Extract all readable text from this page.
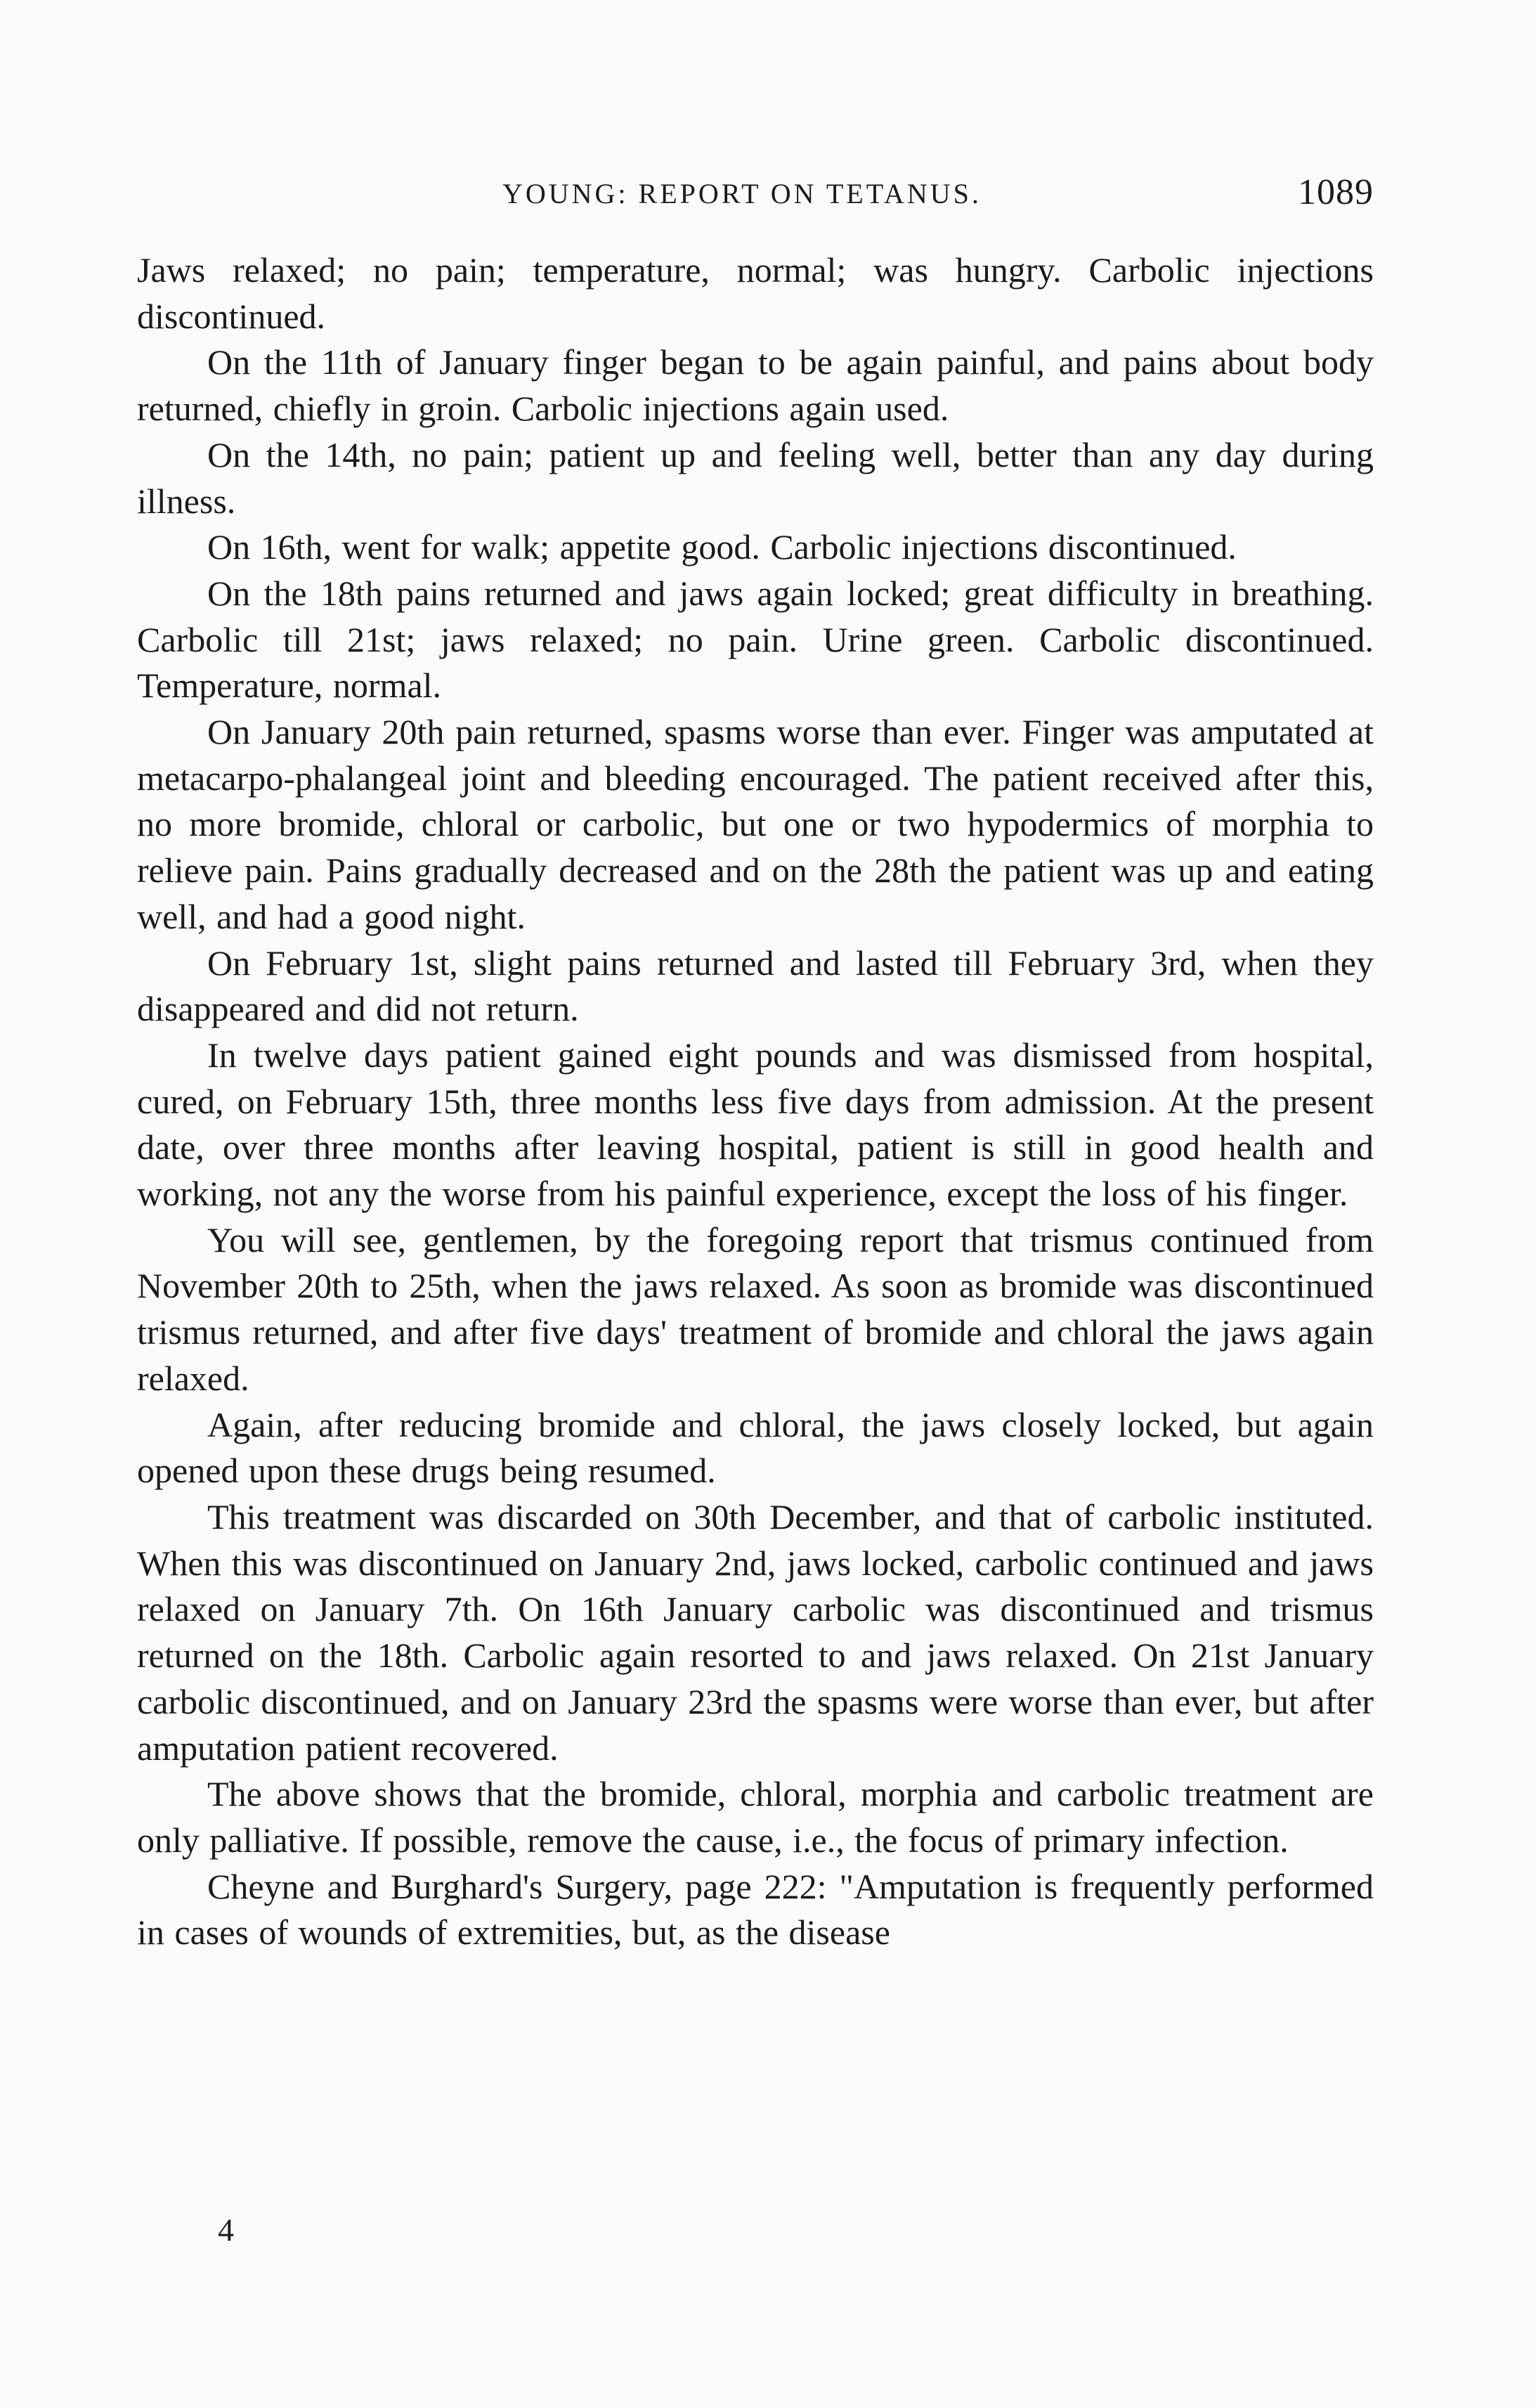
YOUNG: REPORT ON TETANUS.	1089

Jaws relaxed; no pain; temperature, normal; was hungry. Carbolic injections discontinued.

On the 11th of January finger began to be again painful, and pains about body returned, chiefly in groin. Carbolic injections again used.

On the 14th, no pain; patient up and feeling well, better than any day during illness.

On 16th, went for walk; appetite good. Carbolic injections discontinued.

On the 18th pains returned and jaws again locked; great difficulty in breathing. Carbolic till 21st; jaws relaxed; no pain. Urine green. Carbolic discontinued. Temperature, normal.

On January 20th pain returned, spasms worse than ever. Finger was amputated at metacarpo-phalangeal joint and bleeding encouraged. The patient received after this, no more bromide, chloral or carbolic, but one or two hypodermics of morphia to relieve pain. Pains gradually decreased and on the 28th the patient was up and eating well, and had a good night.

On February 1st, slight pains returned and lasted till February 3rd, when they disappeared and did not return.

In twelve days patient gained eight pounds and was dismissed from hospital, cured, on February 15th, three months less five days from admission. At the present date, over three months after leaving hospital, patient is still in good health and working, not any the worse from his painful experience, except the loss of his finger.

You will see, gentlemen, by the foregoing report that trismus continued from November 20th to 25th, when the jaws relaxed. As soon as bromide was discontinued trismus returned, and after five days' treatment of bromide and chloral the jaws again relaxed.

Again, after reducing bromide and chloral, the jaws closely locked, but again opened upon these drugs being resumed.

This treatment was discarded on 30th December, and that of carbolic instituted. When this was discontinued on January 2nd, jaws locked, carbolic continued and jaws relaxed on January 7th. On 16th January carbolic was discontinued and trismus returned on the 18th. Carbolic again resorted to and jaws relaxed. On 21st January carbolic discontinued, and on January 23rd the spasms were worse than ever, but after amputation patient recovered.

The above shows that the bromide, chloral, morphia and carbolic treatment are only palliative. If possible, remove the cause, i.e., the focus of primary infection.

Cheyne and Burghard's Surgery, page 222: "Amputation is frequently performed in cases of wounds of extremities, but, as the disease

4
